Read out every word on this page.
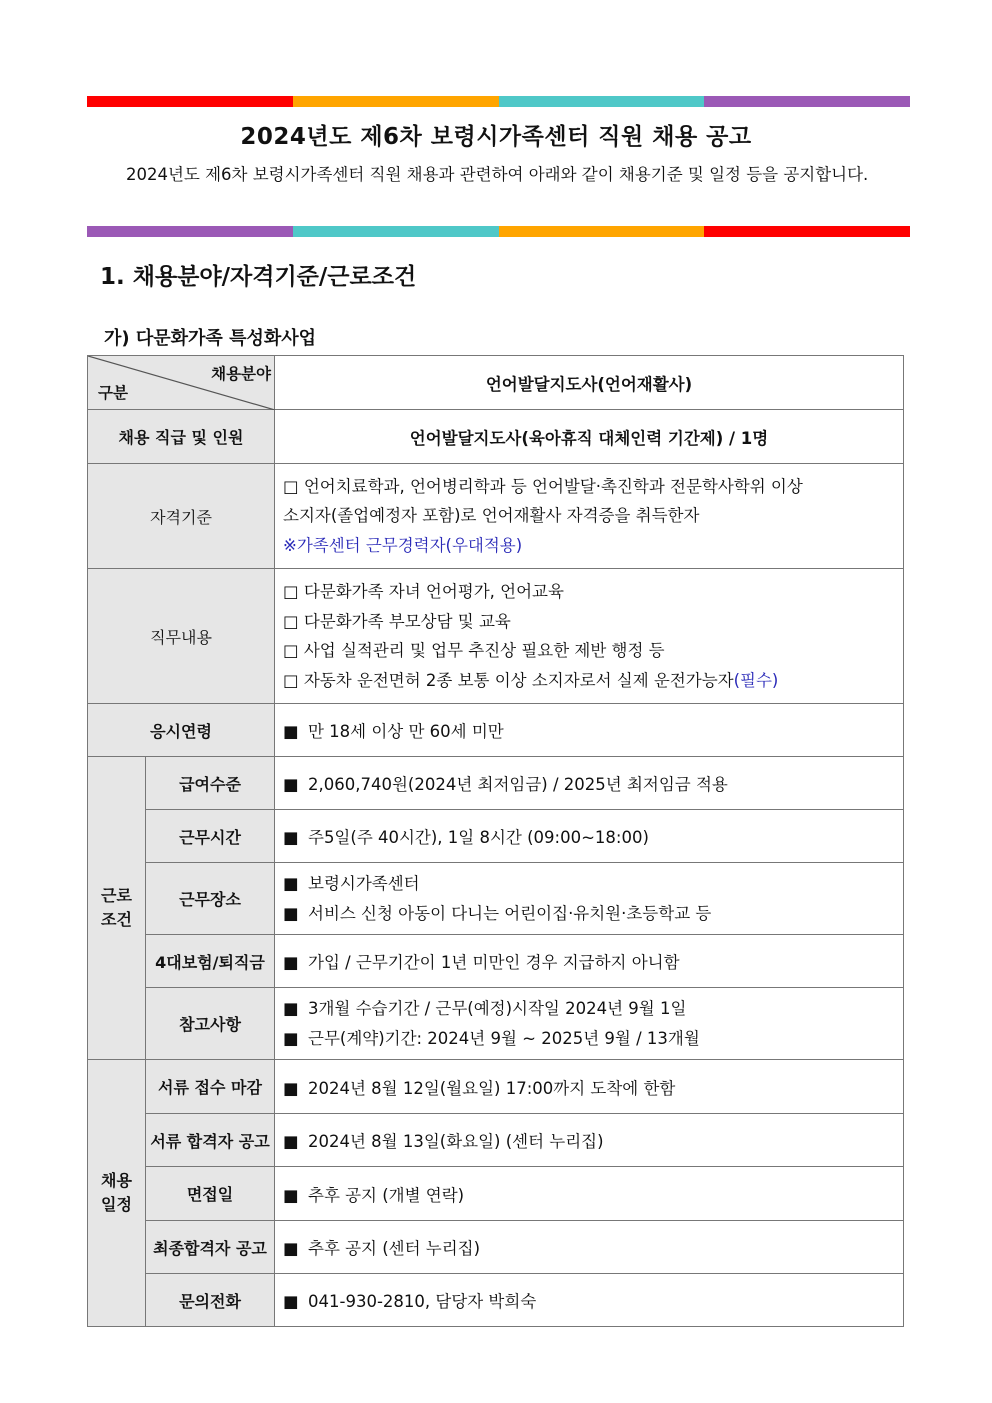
2024년도 제6차 보령시가족센터 직원 채용 공고
2024년도 제6차 보령시가족센터 직원 채용과 관련하여 아래와 같이 채용기준 및 일정 등을 공지합니다.
1. 채용분야/자격기준/근로조건
가) 다문화가족 특성화사업
채용분야
구분		언어발달지도사(언어재활사)
채용 직급 및 인원		언어발달지도사(육아휴직 대체인력 기간제) / 1명
자격기준		□ 언어치료학과, 언어병리학과 등 언어발달·촉진학과 전문학사학위 이상
소지자(졸업예정자 포함)로 언어재활사 자격증을 취득한자
※가족센터 근무경력자(우대적용)

직무내용		□ 다문화가족 자녀 언어평가, 언어교육
□ 다문화가족 부모상담 및 교육
□ 사업 실적관리 및 업무 추진상 필요한 제반 행정 등
□ 자동차 운전면허 2종 보통 이상 소지자로서 실제 운전가능자(필수)

응시연령		■ 만 18세 이상 만 60세 미만
근로
조건	급여수준	■ 2,060,740원(2024년 최저임금) / 2025년 최저임금 적용
	근무시간	■ 주5일(주 40시간), 1일 8시간 (09:00~18:00)
	근무장소	■ 보령시가족센터
■ 서비스 신청 아동이 다니는 어린이집·유치원·초등학교 등

	4대보험/퇴직금	■ 가입 / 근무기간이 1년 미만인 경우 지급하지 아니함
	참고사항	■ 3개월 수습기간 / 근무(예정)시작일 2024년 9월 1일
■ 근무(계약)기간: 2024년 9월 ~ 2025년 9월 / 13개월

채용
일정	서류 접수 마감	■ 2024년 8월 12일(월요일) 17:00까지 도착에 한함
	서류 합격자 공고	■ 2024년 8월 13일(화요일) (센터 누리집)
	면접일	■ 추후 공지 (개별 연락)
	최종합격자 공고	■ 추후 공지 (센터 누리집)
	문의전화	■ 041-930-2810, 담당자 박희숙
